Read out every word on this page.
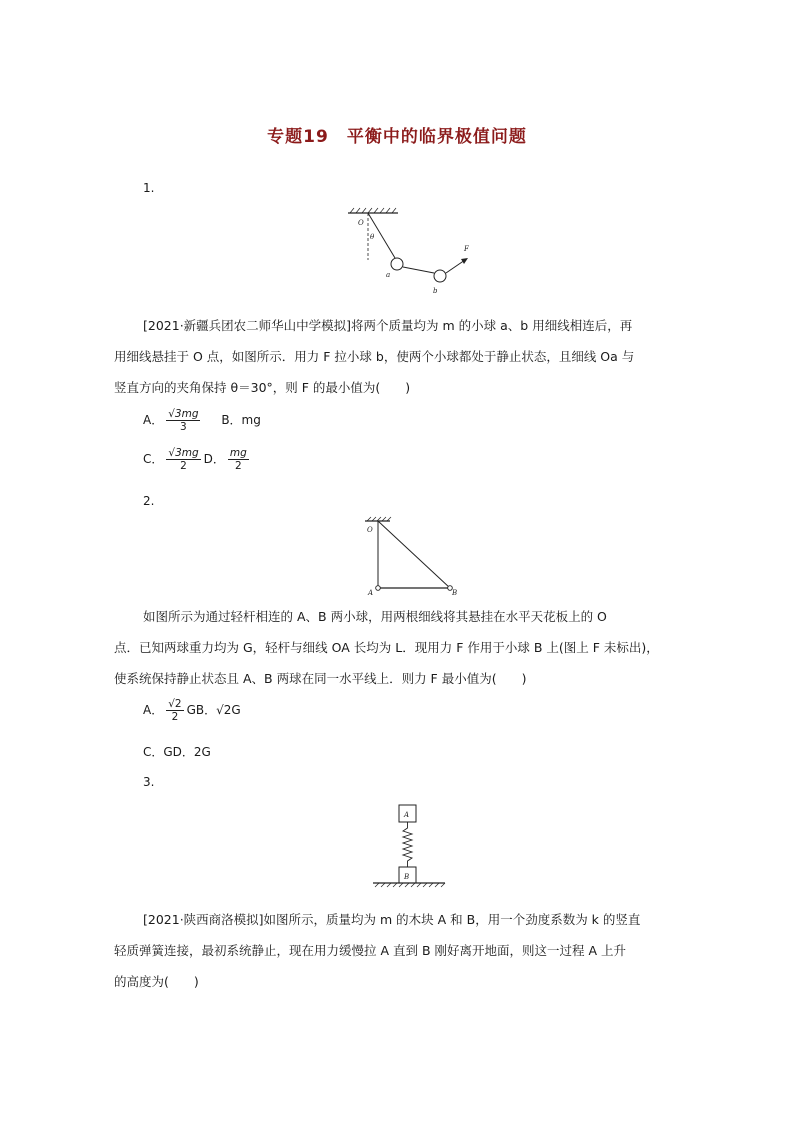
专题19　平衡中的临界极值问题
1.
O
θ
a
b
F
[2021·新疆兵团农二师华山中学模拟]将两个质量均为 m 的小球 a、b 用细线相连后，再
用细线悬挂于 O 点，如图所示．用力 F 拉小球 b，使两个小球都处于静止状态，且细线 Oa 与
竖直方向的夹角保持 θ＝30°，则 F 的最小值为(　　)
A． $\frac{√3mg}{3}$ B．mg
C． $\frac{√3mg}{2}$ D． $\frac{mg}{2}$
2.
O
A	B
如图所示为通过轻杆相连的 A、B 两小球，用两根细线将其悬挂在水平天花板上的 O
点．已知两球重力均为 G，轻杆与细线 OA 长均为 L．现用力 F 作用于小球 B 上(图上 F 未标出)，
使系统保持静止状态且 A、B 两球在同一水平线上．则力 F 最小值为(　　)
A． $\frac{√2}{2}$ GB．√2G
C．GD．2G
3.
A
B
[2021·陕西商洛模拟]如图所示，质量均为 m 的木块 A 和 B，用一个劲度系数为 k 的竖直
轻质弹簧连接，最初系统静止，现在用力缓慢拉 A 直到 B 刚好离开地面，则这一过程 A 上升
的高度为(　　)
